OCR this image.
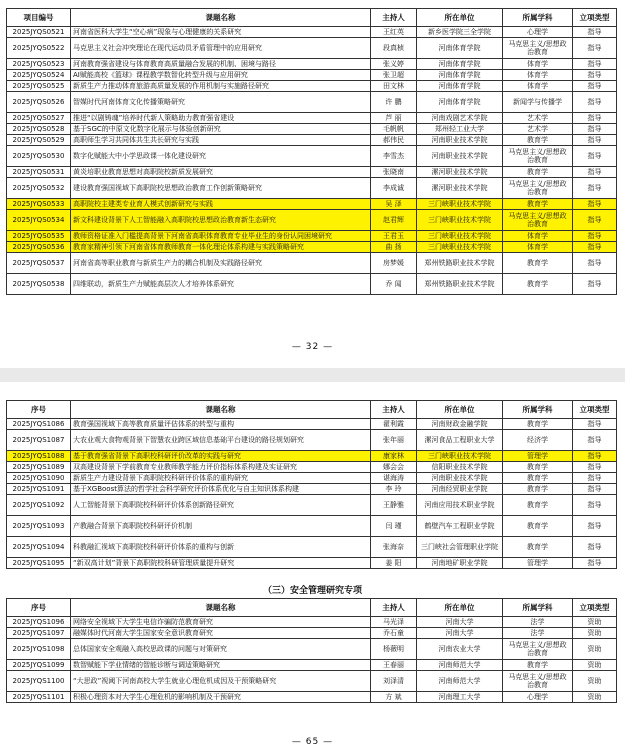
项目编号	课题名称	主持人	所在单位	所属学科	立项类型
2025JYQS0521	河南省医科大学生“空心病”现象与心理健康的关系研究	王红英	新乡医学院三全学院	心理学	指导
2025JYQS0522	马克思主义社会冲突理论在现代运动员矛盾管理中的应用研究	段真桢	河南体育学院	马克思主义/思想政治教育	指导
2025JYQS0523	河南教育强省建设与体育教育高质量融合发展的机制、困境与路径	张义婷	河南体育学院	体育学	指导
2025JYQS0524	AI赋能高校《篮球》课程教学数智化转型升级与应用研究	张卫超	河南体育学院	体育学	指导
2025JYQS0525	新质生产力推动体育旅游高质量发展的作用机制与实施路径研究	田文林	河南体育学院	体育学	指导
2025JYQS0526	智媒时代河南体育文化传播策略研究	许 鹏	河南体育学院	新闻学与传播学	指导
2025JYQS0527	推进“以剧铸魂”培养时代新人策略助力教育强省建设	芦 丽	河南戏剧艺术学院	艺术学	指导
2025JYQS0528	基于SGC的中原文化数字化展示与体验创新研究	毛帆帆	郑州轻工业大学	艺术学	指导
2025JYQS0529	高职师生学习共同体共生共长研究与实践	郝伟民	河南职业技术学院	教育学	指导
2025JYQS0530	数字化赋能大中小学思政课一体化建设研究	李雪杰	河南职业技术学院	马克思主义/思想政治教育	指导
2025JYQS0531	黄炎培职业教育思想对高职院校新质发展研究	张晓南	漯河职业技术学院	教育学	指导
2025JYQS0532	建设教育强国视域下高职院校思想政治教育工作创新策略研究	李成诚	漯河职业技术学院	马克思主义/思想政治教育	指导
2025JYQS0533	高职院校主建类专业育人模式创新研究与实践	吴 泽	三门峡职业技术学院	教育学	指导
2025JYQS0534	新文科建设背景下人工智能融入高职院校思想政治教育新生态研究	赵君辉	三门峡职业技术学院	马克思主义/思想政治教育	指导
2025JYQS0535	教师资格证准入门槛提高背景下河南省高职体育教育专业毕业生的身份认同困境研究	王君玉	三门峡职业技术学院	体育学	指导
2025JYQS0536	教育家精神引领下河南省体育教师教育一体化理论体系构建与实践策略研究	曲 扬	三门峡职业技术学院	体育学	指导
2025JYQS0537	河南省高等职业教育与新质生产力的耦合机制及实践路径研究	房梦媛	郑州铁路职业技术学院	教育学	指导
2025JYQS0538	四维联动，新质生产力赋能高层次人才培养体系研究	乔 闻	郑州铁路职业技术学院	教育学	指导
— 32 —
序号	课题名称	主持人	所在单位	所属学科	立项类型
2025JYQS1086	教育强国视域下高等教育质量评估体系的转型与重构	翟利霞	河南财政金融学院	教育学	指导
2025JYQS1087	大农业观大食物观背景下智慧农业跨区域信息基础平台建设的路径规划研究	张年丽	漯河食品工程职业大学	经济学	指导
2025JYQS1088	基于教育强省背景下高职校科研评价改革的实践与研究	康家林	三门峡职业技术学院	管理学	指导
2025JYQS1089	双高建设背景下学前教育专业教师教学能力评价指标体系构建及实证研究	娜会会	信阳职业技术学院	教育学	指导
2025JYQS1090	新质生产力建设背景下高职院校科研评价体系的重构研究	谌海涛	河南职业技术学院	教育学	指导
2025JYQS1091	基于XGBoost算法的哲学社会科学研究评价体系优化与自主知识体系构建	李 玲	河南经贸职业学院	教育学	指导
2025JYQS1092	人工智能背景下高职院校科研评价体系创新路径研究	王静雅	河南应用技术职业学院	教育学	指导
2025JYQS1093	产教融合背景下高职院校科研评价机制	闫 瑾	鹤壁汽车工程职业学院	教育学	指导
2025JYQS1094	科教融汇视域下高职院校科研评价体系的重构与创新	张海奈	三门峡社会管理职业学院	教育学	指导
2025JYQS1095	“新双高计划”背景下高职院校科研管理质量提升研究	姜 阳	河南地矿职业学院	管理学	指导
（三）安全管理研究专项
序号	课题名称	主持人	所在单位	所属学科	立项类型
2025JYQS1096	网络安全视域下大学生电信诈骗防范教育研究	马光泽	河南大学	法学	资助
2025JYQS1097	融媒体时代河南大学生国家安全意识教育研究	乔石童	河南大学	法学	资助
2025JYQS1098	总体国家安全观融入高校思政课的问题与对策研究	杨薇明	河南农业大学	马克思主义/思想政治教育	资助
2025JYQS1099	数智赋能下学业情绪的智能诊断与调适策略研究	王春丽	河南师范大学	教育学	资助
2025JYQS1100	“大思政”视阈下河南高校大学生就业心理危机成因及干预策略研究	刘泽清	河南师范大学	马克思主义/思想政治教育	资助
2025JYQS1101	积极心理资本对大学生心理危机的影响机制及干预研究	方 斌	河南理工大学	心理学	资助
— 65 —
